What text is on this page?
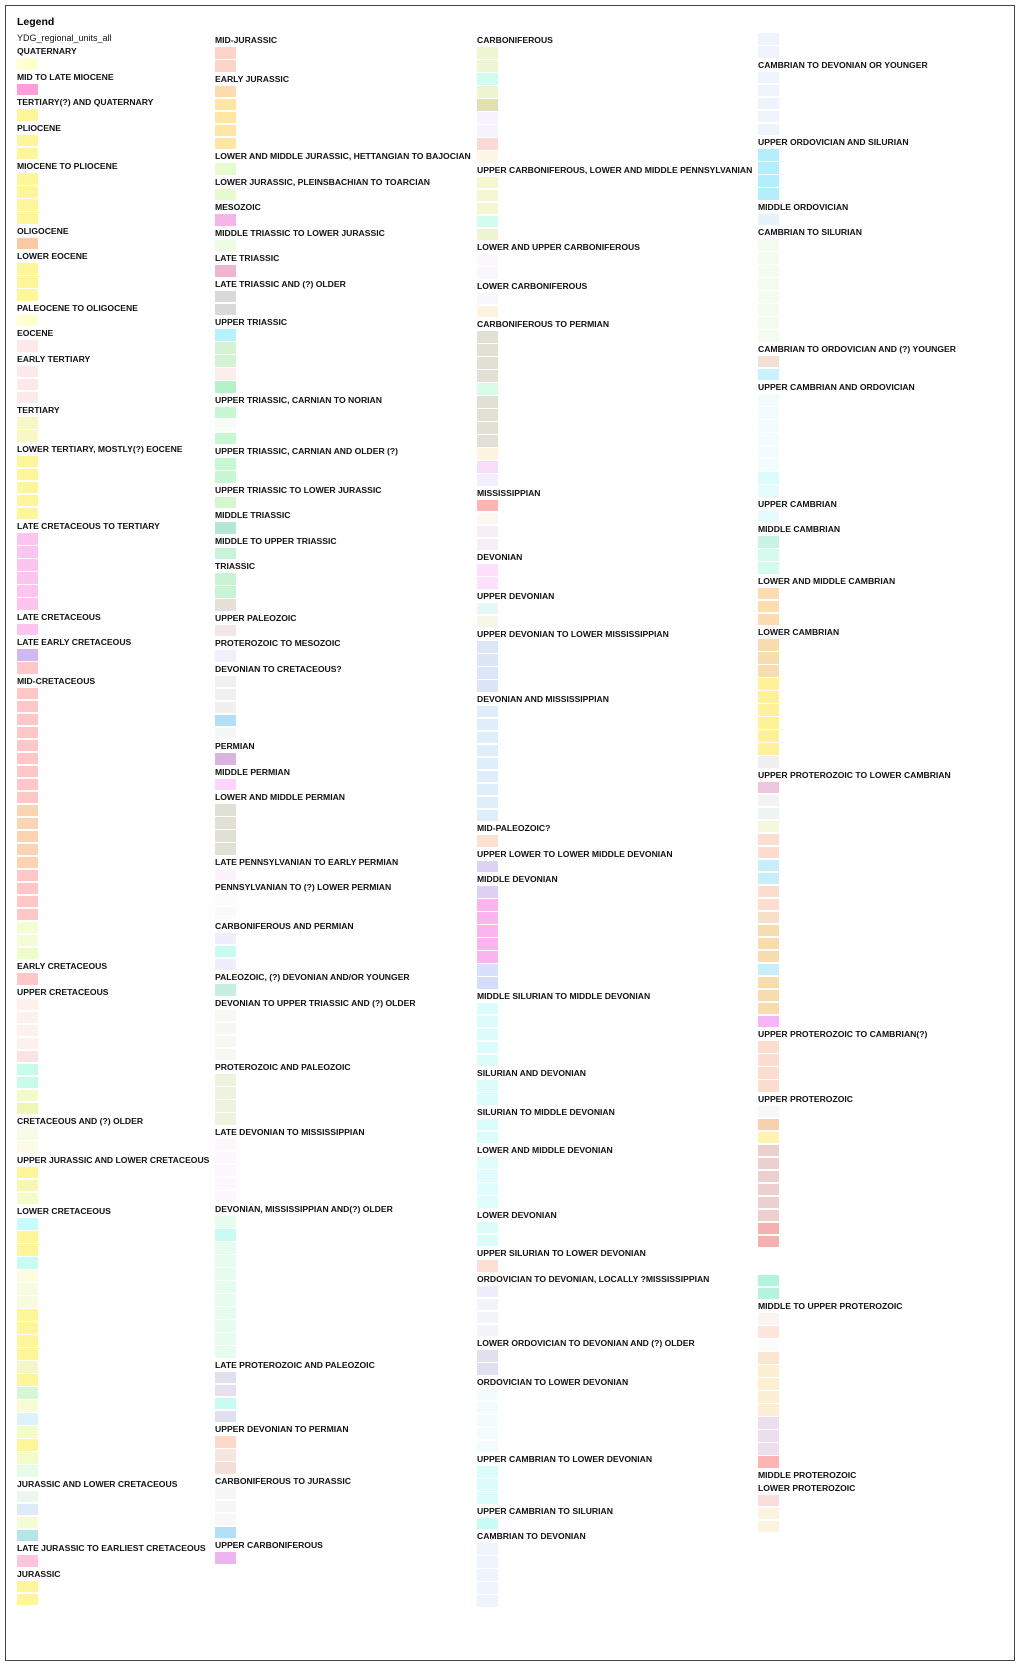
Legend
YDG_regional_units_all
QUATERNARY
MID TO LATE MIOCENE
TERTIARY(?) AND QUATERNARY
PLIOCENE
MIOCENE TO PLIOCENE
OLIGOCENE
LOWER EOCENE
PALEOCENE TO OLIGOCENE
EOCENE
EARLY TERTIARY
TERTIARY
LOWER TERTIARY, MOSTLY(?) EOCENE
LATE CRETACEOUS TO TERTIARY
LATE CRETACEOUS
LATE EARLY CRETACEOUS
MID-CRETACEOUS
EARLY CRETACEOUS
UPPER CRETACEOUS
CRETACEOUS AND (?) OLDER
UPPER JURASSIC AND LOWER CRETACEOUS
LOWER CRETACEOUS
JURASSIC AND LOWER CRETACEOUS
LATE JURASSIC TO EARLIEST CRETACEOUS
JURASSIC
MID-JURASSIC
EARLY JURASSIC
LOWER AND MIDDLE JURASSIC, HETTANGIAN TO BAJOCIAN
LOWER JURASSIC, PLEINSBACHIAN TO TOARCIAN
MESOZOIC
MIDDLE TRIASSIC TO LOWER JURASSIC
LATE TRIASSIC
LATE TRIASSIC AND (?) OLDER
UPPER TRIASSIC
UPPER TRIASSIC, CARNIAN TO NORIAN
UPPER TRIASSIC, CARNIAN AND OLDER (?)
UPPER TRIASSIC TO LOWER JURASSIC
MIDDLE TRIASSIC
MIDDLE TO UPPER TRIASSIC
TRIASSIC
UPPER PALEOZOIC
PROTEROZOIC TO MESOZOIC
DEVONIAN TO CRETACEOUS?
PERMIAN
MIDDLE PERMIAN
LOWER AND MIDDLE PERMIAN
LATE PENNSYLVANIAN TO EARLY PERMIAN
PENNSYLVANIAN TO (?) LOWER PERMIAN
CARBONIFEROUS AND PERMIAN
PALEOZOIC, (?) DEVONIAN AND/OR YOUNGER
DEVONIAN TO UPPER TRIASSIC AND (?) OLDER
PROTEROZOIC AND PALEOZOIC
LATE DEVONIAN TO MISSISSIPPIAN
DEVONIAN, MISSISSIPPIAN AND(?) OLDER
LATE PROTEROZOIC AND PALEOZOIC
UPPER DEVONIAN TO PERMIAN
CARBONIFEROUS TO JURASSIC
UPPER CARBONIFEROUS
CARBONIFEROUS
UPPER CARBONIFEROUS, LOWER AND MIDDLE PENNSYLVANIAN
LOWER AND UPPER CARBONIFEROUS
LOWER CARBONIFEROUS
CARBONIFEROUS TO PERMIAN
MISSISSIPPIAN
DEVONIAN
UPPER DEVONIAN
UPPER DEVONIAN TO LOWER MISSISSIPPIAN
DEVONIAN AND MISSISSIPPIAN
MID-PALEOZOIC?
UPPER LOWER TO LOWER MIDDLE DEVONIAN
MIDDLE DEVONIAN
MIDDLE SILURIAN TO MIDDLE DEVONIAN
SILURIAN AND DEVONIAN
SILURIAN TO MIDDLE DEVONIAN
LOWER AND MIDDLE DEVONIAN
LOWER DEVONIAN
UPPER SILURIAN TO LOWER DEVONIAN
ORDOVICIAN TO DEVONIAN, LOCALLY ?MISSISSIPPIAN
LOWER ORDOVICIAN TO DEVONIAN AND (?) OLDER
ORDOVICIAN TO LOWER DEVONIAN
UPPER CAMBRIAN TO LOWER DEVONIAN
UPPER CAMBRIAN TO SILURIAN
CAMBRIAN TO DEVONIAN
CAMBRIAN TO DEVONIAN OR YOUNGER
UPPER ORDOVICIAN AND SILURIAN
MIDDLE ORDOVICIAN
CAMBRIAN TO SILURIAN
CAMBRIAN TO ORDOVICIAN AND (?) YOUNGER
UPPER CAMBRIAN AND ORDOVICIAN
UPPER CAMBRIAN
MIDDLE CAMBRIAN
LOWER AND MIDDLE CAMBRIAN
LOWER CAMBRIAN
UPPER PROTEROZOIC TO LOWER CAMBRIAN
UPPER PROTEROZOIC TO CAMBRIAN(?)
UPPER PROTEROZOIC
MIDDLE TO UPPER PROTEROZOIC
MIDDLE PROTEROZOIC
LOWER PROTEROZOIC
